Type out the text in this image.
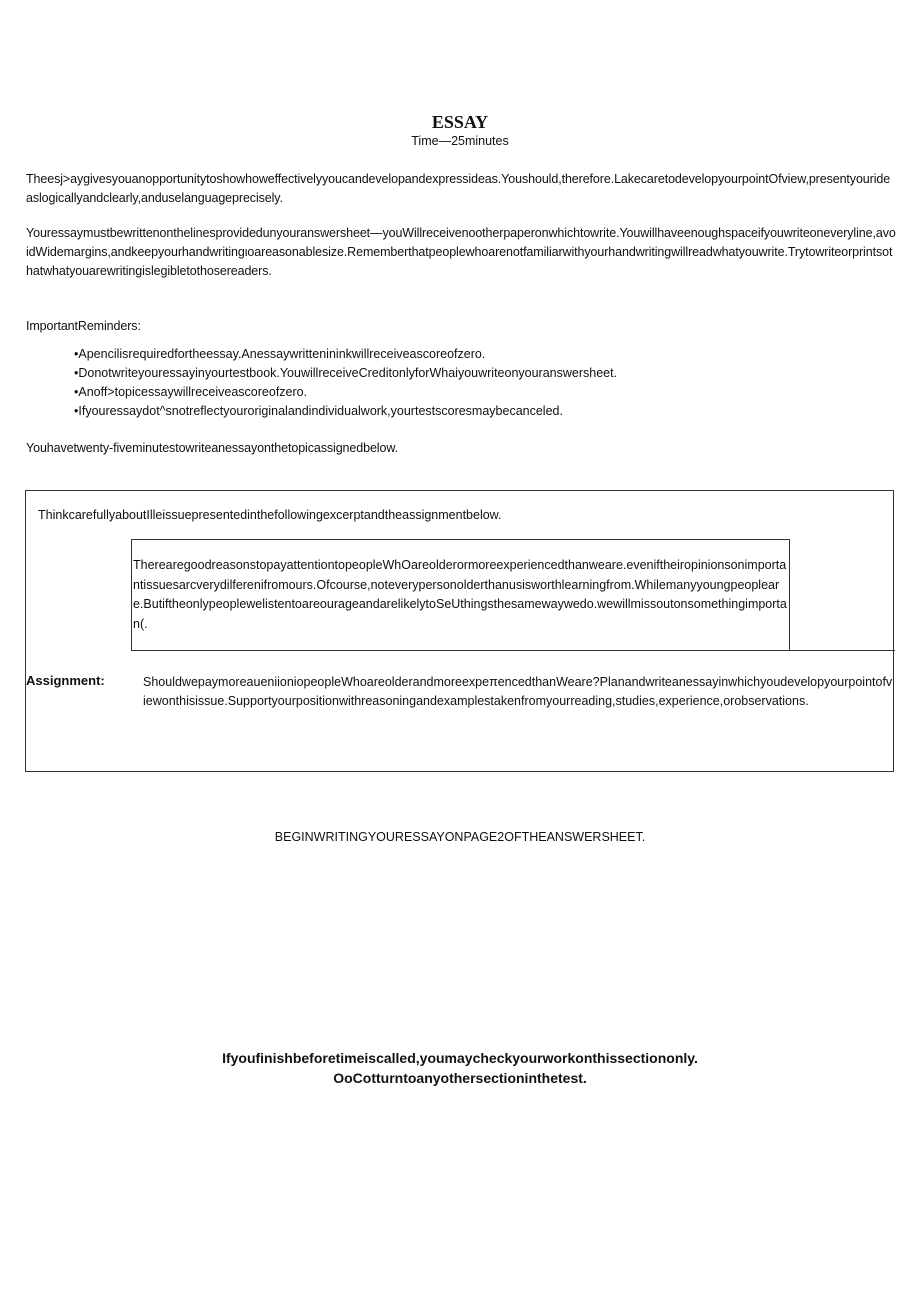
ESSAY
Time—25minutes
Theesj>aygivesyouanopportunitytoshowhoweffectivelyyoucandevelopandexpressideas.Youshould,therefore.LakecaretodevelopyourpointOfview,presentyourideaslogicallyandclearly,anduselanguageprecisely.
Youressaymustbewrittenonthelinesprovidedunyouranswersheet—youWillreceivenootherpaperonwhichtowrite.Youwillhaveenoughspaceifyouwriteoneveryline,avoidWidemargins,andkeepyourhandwritingιoareasonablesize.Rememberthatpeoplewhoarenotfamiliarwithyourhandwritingwillreadwhatyouwrite.Trytowriteorprintsothatwhatyouarewritingislegibletothosereaders.
ImportantReminders:
•Apencilisrequiredfortheessay.Anessaywritteninink​willreceiveascoreofzero.
•Donotwriteyouressayinyourtestbook.YouwillreceiveCreditonlyforWhaiyouwriteonyouranswersheet.
•Anoff>topicessaywillreceiveascoreofzero.
•Ifyouressaydot^snotreflectyouroriginalandindividualwork,yourtestscoresmaybecanceled.
Youhavetwenty-fiveminutestowriteanessayonthetopicassignedbelow.
ThinkcarefullyaboutIlleissuepresentedinthefollowingexcerptandtheassignmentbelow.
TherearegoodreasonstopayattentiontopeopleWhOareolderormoreexperiencedthanweare.eveniftheiropinionsonimportantissuesarcverydilferenifromours.Ofcourse,noteverypersonolderthanusisworthlearningfrom.Whilemanyyoungpeopleare.ButiftheonlypeoplewelistentoareourageandarelikelytoSeUthingsthesamewaywedo.wewillmissoutonsomethingimportan(.
Assignment:	ShouldwepaymoreaueniioniopeopleWhoareolderandmoreexpeπencedthanWeare?Planandwriteanessayinwhichyoudevelopyourpointofviewonthisissue.Supportyourpositionwithreasoningandexamplestakenfromyourreading,studies,experience,orobservations.
BEGINWRITINGYOURESSAYONPAGE2OFTHEANSWERSHEET.
Ifyoufinishbeforetimeiscalled,youmaycheckyourworkonthissectiononly.
OoCotturntoanyothersectioninthetest.
